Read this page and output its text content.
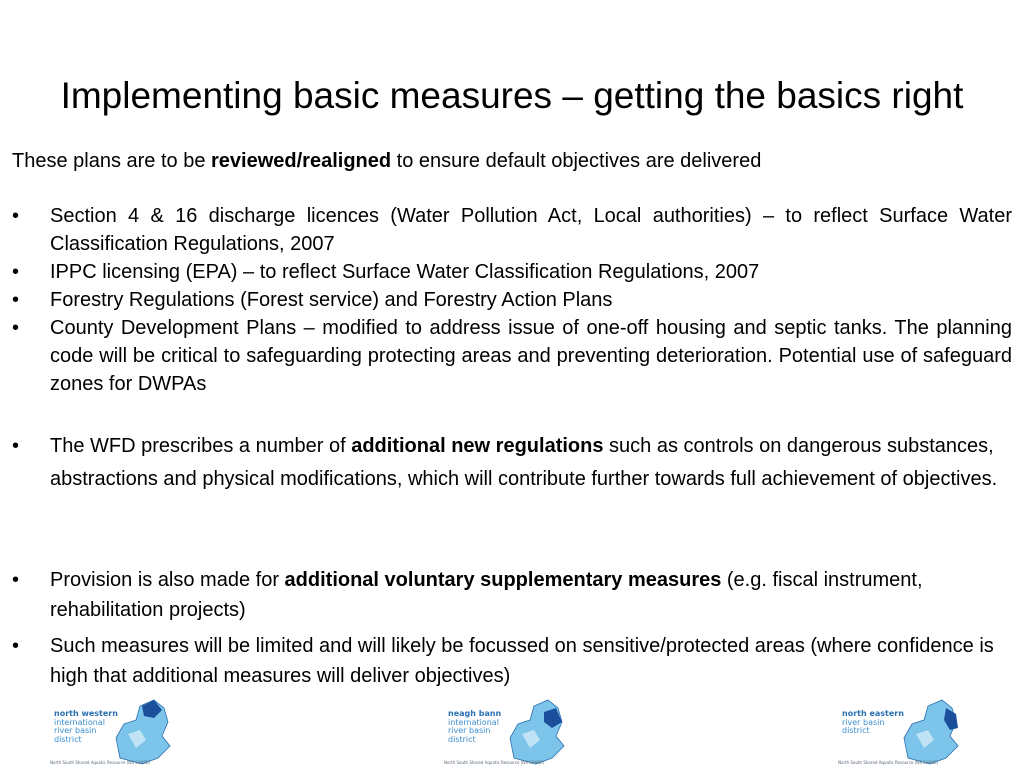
Implementing basic measures – getting the basics right
These plans are to be reviewed/realigned to ensure default objectives are delivered
• Section 4 & 16 discharge licences (Water Pollution Act, Local authorities) – to reflect Surface Water Classification Regulations, 2007
• IPPC licensing (EPA) – to reflect Surface Water Classification Regulations, 2007
• Forestry Regulations (Forest service) and Forestry Action Plans
• County Development Plans – modified to address issue of one-off housing and septic tanks. The planning code will be critical to safeguarding protecting areas and preventing deterioration. Potential use of safeguard zones for DWPAs
• The WFD prescribes a number of additional new regulations such as controls on dangerous substances, abstractions and physical modifications, which will contribute further towards full achievement of objectives.
• Provision is also made for additional voluntary supplementary measures (e.g. fiscal instrument, rehabilitation projects)
• Such measures will be limited and will likely be focussed on sensitive/protected areas (where confidence is high that additional measures will deliver objectives)
north western
international
river basin district
North South Shared Aquatic Resource (NS SHARE)
neagh bann
international
river basin district
North South Shared Aquatic Resource (NS SHARE)
north eastern
river basin district
North South Shared Aquatic Resource (NS SHARE)
